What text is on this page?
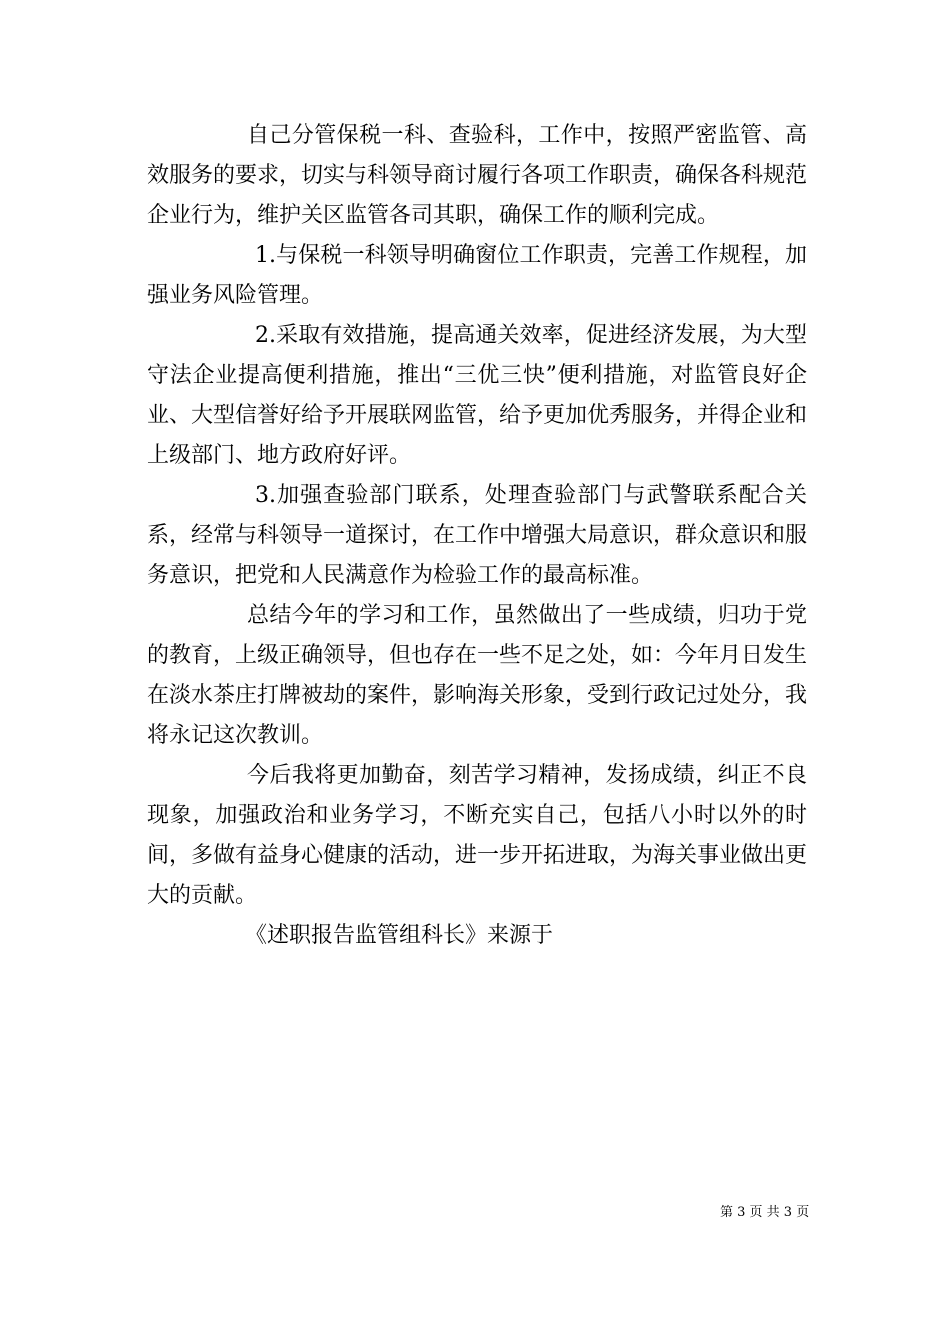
自己分管保税一科、查验科，工作中，按照严密监管、高效服务的要求，切实与科领导商讨履行各项工作职责，确保各科规范企业行为，维护关区监管各司其职，确保工作的顺利完成。

1.与保税一科领导明确窗位工作职责，完善工作规程，加强业务风险管理。

2.采取有效措施，提高通关效率，促进经济发展，为大型守法企业提高便利措施，推出“三优三快”便利措施，对监管良好企业、大型信誉好给予开展联网监管，给予更加优秀服务，并得企业和上级部门、地方政府好评。

3.加强查验部门联系，处理查验部门与武警联系配合关系，经常与科领导一道探讨，在工作中增强大局意识，群众意识和服务意识，把党和人民满意作为检验工作的最高标准。

总结今年的学习和工作，虽然做出了一些成绩，归功于党的教育，上级正确领导，但也存在一些不足之处，如：今年月日发生在淡水茶庄打牌被劫的案件，影响海关形象，受到行政记过处分，我将永记这次教训。

今后我将更加勤奋，刻苦学习精神，发扬成绩，纠正不良现象，加强政治和业务学习，不断充实自己，包括八小时以外的时间，多做有益身心健康的活动，进一步开拓进取，为海关事业做出更大的贡献。

《述职报告监管组科长》来源于

第 3 页 共 3 页
